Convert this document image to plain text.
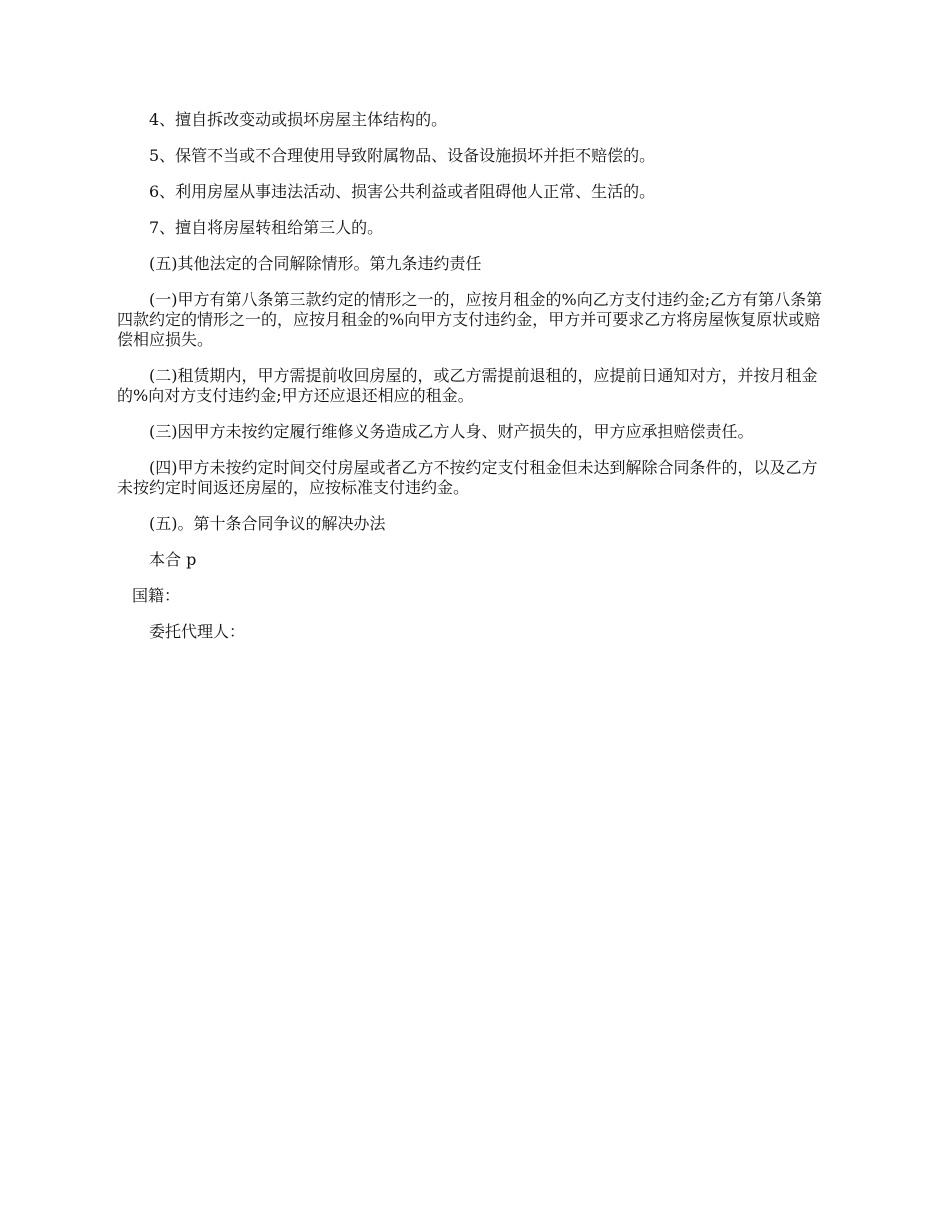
4、擅自拆改变动或损坏房屋主体结构的。

5、保管不当或不合理使用导致附属物品、设备设施损坏并拒不赔偿的。

6、利用房屋从事违法活动、损害公共利益或者阻碍他人正常、生活的。

7、擅自将房屋转租给第三人的。

(五)其他法定的合同解除情形。第九条违约责任

(一)甲方有第八条第三款约定的情形之一的，应按月租金的%向乙方支付违约金;乙方有第八条第四款约定的情形之一的，应按月租金的%向甲方支付违约金，甲方并可要求乙方将房屋恢复原状或赔偿相应损失。

(二)租赁期内，甲方需提前收回房屋的，或乙方需提前退租的，应提前日通知对方，并按月租金的%向对方支付违约金;甲方还应退还相应的租金。

(三)因甲方未按约定履行维修义务造成乙方人身、财产损失的，甲方应承担赔偿责任。

(四)甲方未按约定时间交付房屋或者乙方不按约定支付租金但未达到解除合同条件的，以及乙方未按约定时间返还房屋的，应按标准支付违约金。

(五)。第十条合同争议的解决办法

本合 p

国籍：

委托代理人：
